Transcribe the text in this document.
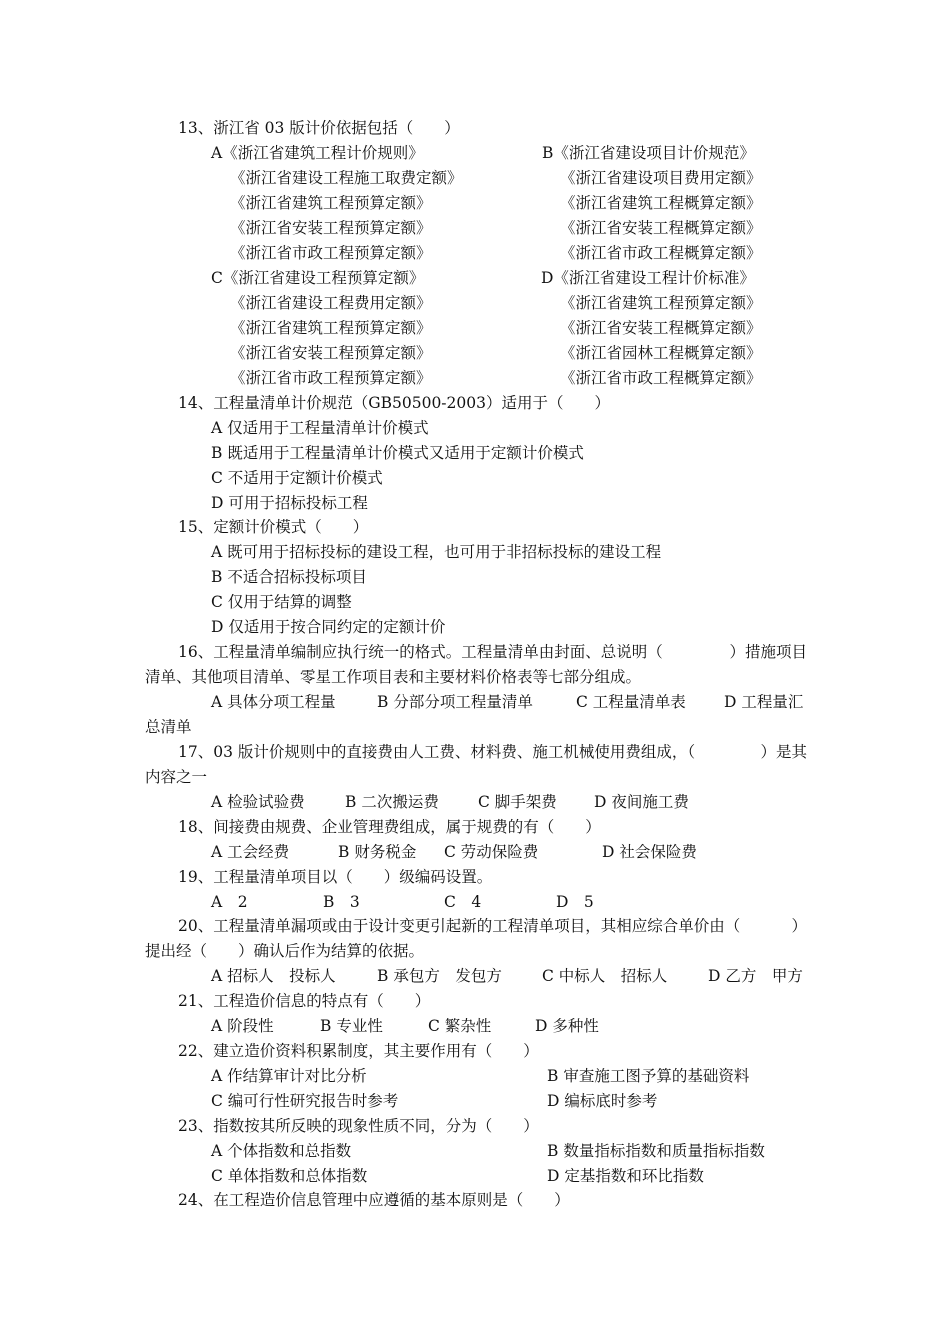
13、浙江省 03 版计价依据包括（　　）
A《浙江省建筑工程计价规则》	B《浙江省建设项目计价规范》
《浙江省建设工程施工取费定额》	《浙江省建设项目费用定额》
《浙江省建筑工程预算定额》	《浙江省建筑工程概算定额》
《浙江省安装工程预算定额》	《浙江省安装工程概算定额》
《浙江省市政工程预算定额》	《浙江省市政工程概算定额》
C《浙江省建设工程预算定额》	D《浙江省建设工程计价标准》
《浙江省建设工程费用定额》	《浙江省建筑工程预算定额》
《浙江省建筑工程预算定额》	《浙江省安装工程概算定额》
《浙江省安装工程预算定额》	《浙江省园林工程概算定额》
《浙江省市政工程预算定额》	《浙江省市政工程概算定额》
14、工程量清单计价规范（GB50500-2003）适用于（　　）
A 仅适用于工程量清单计价模式
B 既适用于工程量清单计价模式又适用于定额计价模式
C 不适用于定额计价模式
D 可用于招标投标工程
15、定额计价模式（　　）
A 既可用于招标投标的建设工程，也可用于非招标投标的建设工程
B 不适合招标投标项目
C 仅用于结算的调整
D 仅适用于按合同约定的定额计价
16、工程量清单编制应执行统一的格式。工程量清单由封面、总说明（	）措施项目
清单、其他项目清单、零星工作项目表和主要材料价格表等七部分组成。
A 具体分项工程量	B 分部分项工程量清单	C 工程量清单表 D 工程量汇
总清单
17、03 版计价规则中的直接费由人工费、材料费、施工机械使用费组成，（	）是其
内容之一
A 检验试验费	B 二次搬运费	C 脚手架费 D 夜间施工费
18、间接费由规费、企业管理费组成，属于规费的有（　　）
A 工会经费	B 财务税金 C 劳动保险费	D 社会保险费
19、工程量清单项目以（　　）级编码设置。
A　2	B　3	C　4	D　5
20、工程量清单漏项或由于设计变更引起新的工程清单项目，其相应综合单价由（	）
提出经（　　）确认后作为结算的依据。
A 招标人　投标人	B 承包方　发包方	C 中标人　招标人	D 乙方　甲方
21、工程造价信息的特点有（　　）
A 阶段性	B 专业性	C 繁杂性	D 多种性
22、建立造价资料积累制度，其主要作用有（　　）
A 作结算审计对比分析	B 审查施工图予算的基础资料
C 编可行性研究报告时参考	D 编标底时参考
23、指数按其所反映的现象性质不同，分为（　　）
A 个体指数和总指数	B 数量指标指数和质量指标指数
C 单体指数和总体指数	D 定基指数和环比指数
24、在工程造价信息管理中应遵循的基本原则是（　　）
